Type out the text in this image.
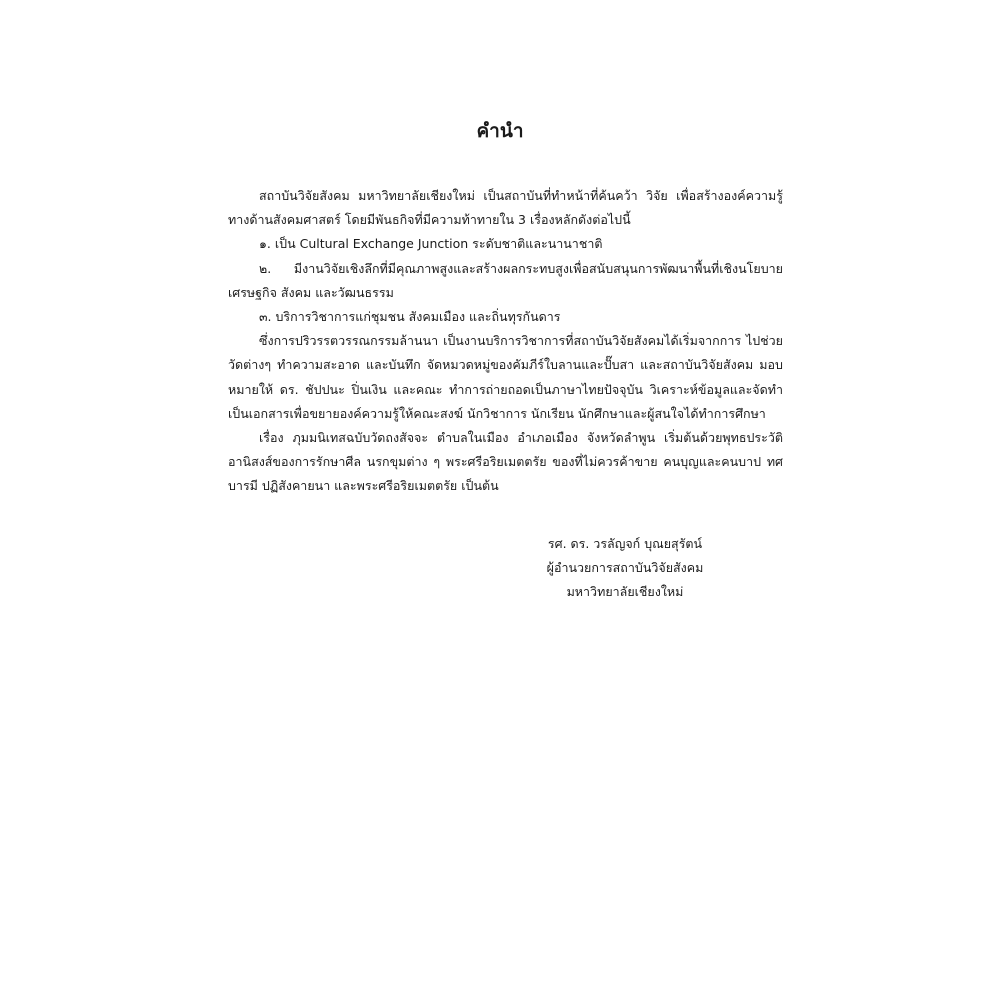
คำนำ

สถาบันวิจัยสังคม มหาวิทยาลัยเชียงใหม่ เป็นสถาบันที่ทำหน้าที่ค้นคว้า วิจัย เพื่อสร้างองค์ความรู้ทางด้านสังคมศาสตร์ โดยมีพันธกิจที่มีความท้าทายใน 3 เรื่องหลักดังต่อไปนี้

๑. เป็น Cultural Exchange Junction ระดับชาติและนานาชาติ

๒. มีงานวิจัยเชิงลึกที่มีคุณภาพสูงและสร้างผลกระทบสูงเพื่อสนับสนุนการพัฒนาพื้นที่เชิงนโยบาย เศรษฐกิจ สังคม และวัฒนธรรม

๓. บริการวิชาการแก่ชุมชน สังคมเมือง และถิ่นทุรกันดาร

ซึ่งการปริวรรตวรรณกรรมล้านนา เป็นงานบริการวิชาการที่สถาบันวิจัยสังคมได้เริ่มจากการ ไปช่วยวัดต่างๆ ทำความสะอาด และบันทึก จัดหมวดหมู่ของคัมภีร์ใบลานและปั๊บสา และสถาบันวิจัยสังคม มอบหมายให้ ดร. ชัปปนะ ปิ่นเงิน และคณะ ทำการถ่ายถอดเป็นภาษาไทยปัจจุบัน วิเคราะห์ข้อมูลและจัดทำเป็นเอกสารเพื่อขยายองค์ความรู้ให้คณะสงฆ์ นักวิชาการ นักเรียน นักศึกษาและผู้สนใจได้ทำการศึกษา

เรื่อง ภุมมนิเทสฉบับวัดถงสัจจะ ตำบลในเมือง อำเภอเมือง จังหวัดลำพูน เริ่มต้นด้วยพุทธประวัติ อานิสงส์ของการรักษาศีล นรกขุมต่าง ๆ พระศรีอริยเมตตรัย ของที่ไม่ควรค้าขาย คนบุญและคนบาป ทศบารมี ปฏิสังคายนา และพระศรีอริยเมตตรัย เป็นต้น

รศ. ดร. วรลัญจก์ บุณยสุรัตน์
ผู้อำนวยการสถาบันวิจัยสังคม
มหาวิทยาลัยเชียงใหม่
